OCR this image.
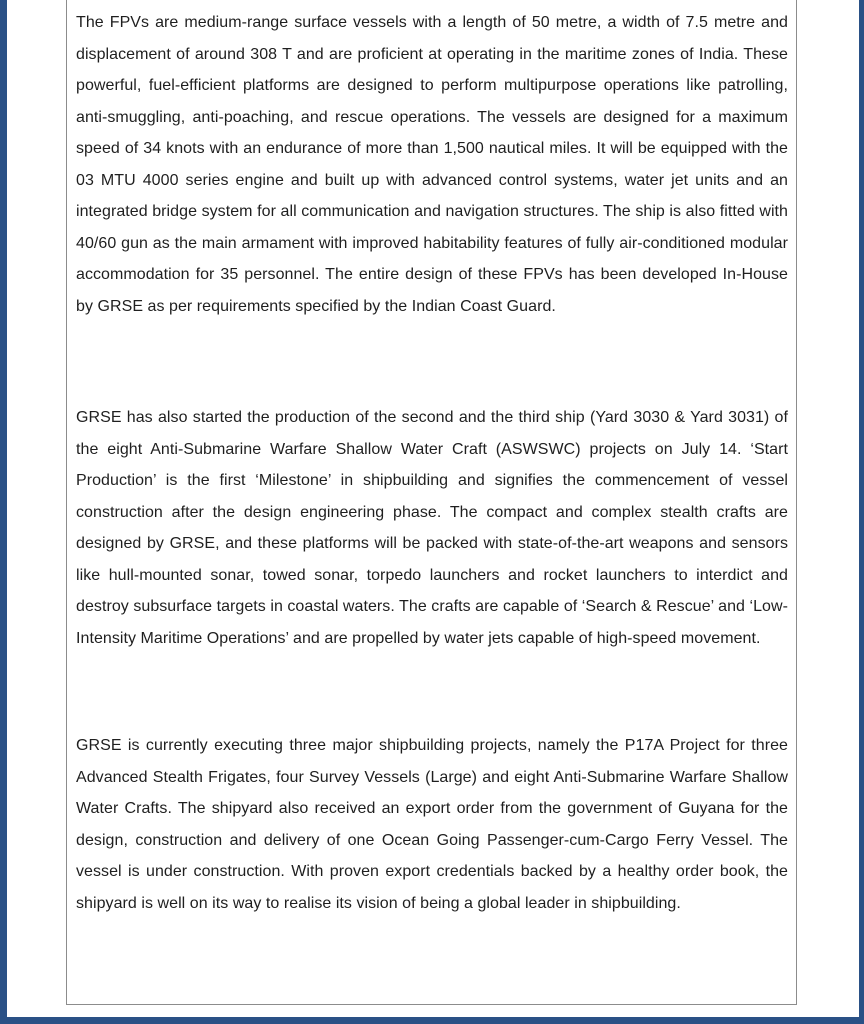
The FPVs are medium-range surface vessels with a length of 50 metre, a width of 7.5 metre and displacement of around 308 T and are proficient at operating in the maritime zones of India. These powerful, fuel-efficient platforms are designed to perform multipurpose operations like patrolling, anti-smuggling, anti-poaching, and rescue operations. The vessels are designed for a maximum speed of 34 knots with an endurance of more than 1,500 nautical miles. It will be equipped with the 03 MTU 4000 series engine and built up with advanced control systems, water jet units and an integrated bridge system for all communication and navigation structures. The ship is also fitted with 40/60 gun as the main armament with improved habitability features of fully air-conditioned modular accommodation for 35 personnel. The entire design of these FPVs has been developed In-House by GRSE as per requirements specified by the Indian Coast Guard.

GRSE has also started the production of the second and the third ship (Yard 3030 & Yard 3031) of the eight Anti-Submarine Warfare Shallow Water Craft (ASWSWC) projects on July 14. ‘Start Production’ is the first ‘Milestone’ in shipbuilding and signifies the commencement of vessel construction after the design engineering phase. The compact and complex stealth crafts are designed by GRSE, and these platforms will be packed with state-of-the-art weapons and sensors like hull-mounted sonar, towed sonar, torpedo launchers and rocket launchers to interdict and destroy subsurface targets in coastal waters. The crafts are capable of ‘Search & Rescue’ and ‘Low-Intensity Maritime Operations’ and are propelled by water jets capable of high-speed movement.

GRSE is currently executing three major shipbuilding projects, namely the P17A Project for three Advanced Stealth Frigates, four Survey Vessels (Large) and eight Anti-Submarine Warfare Shallow Water Crafts. The shipyard also received an export order from the government of Guyana for the design, construction and delivery of one Ocean Going Passenger-cum-Cargo Ferry Vessel. The vessel is under construction. With proven export credentials backed by a healthy order book, the shipyard is well on its way to realise its vision of being a global leader in shipbuilding.
